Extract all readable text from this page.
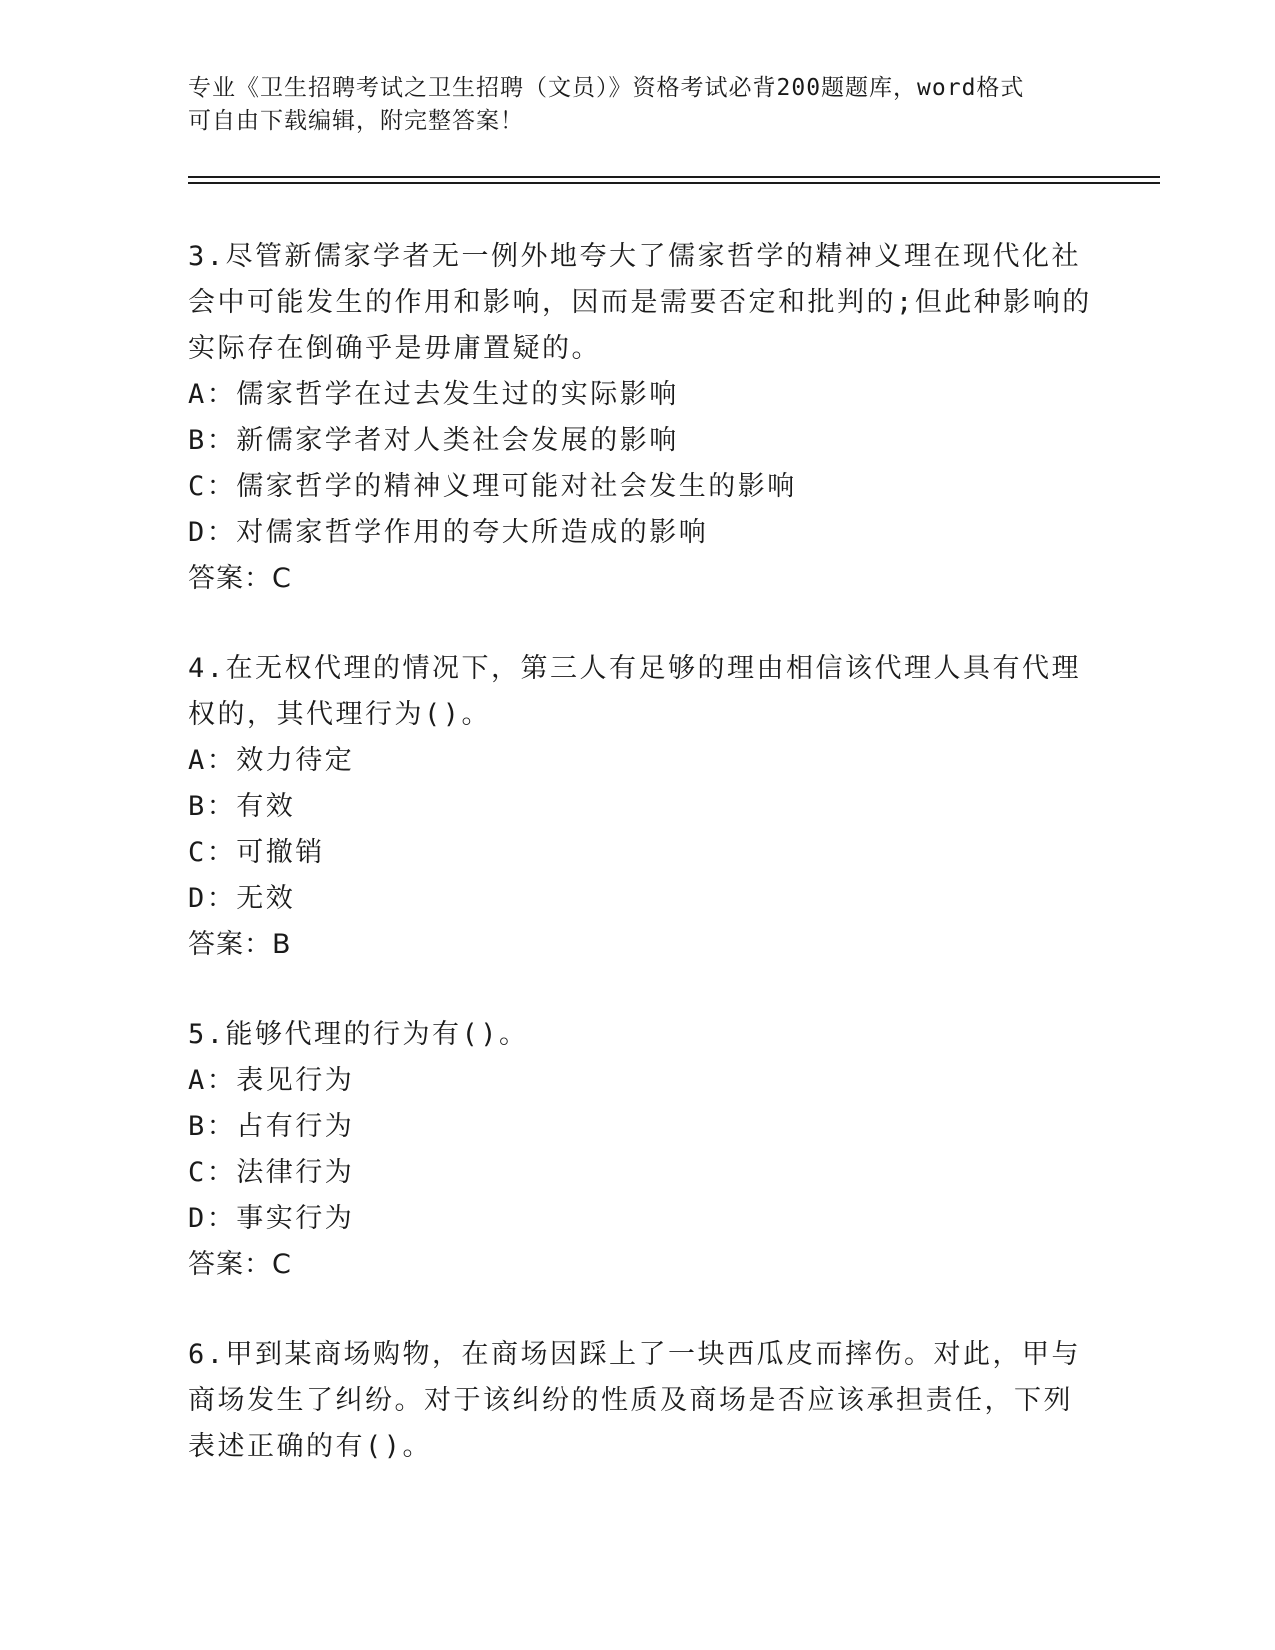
专业《卫生招聘考试之卫生招聘（文员）》资格考试必背200题题库，word格式
可自由下载编辑，附完整答案！
3.尽管新儒家学者无一例外地夸大了儒家哲学的精神义理在现代化社
会中可能发生的作用和影响，因而是需要否定和批判的;但此种影响的
实际存在倒确乎是毋庸置疑的。
A：儒家哲学在过去发生过的实际影响
B：新儒家学者对人类社会发展的影响
C：儒家哲学的精神义理可能对社会发生的影响
D：对儒家哲学作用的夸大所造成的影响
答案：C
4.在无权代理的情况下，第三人有足够的理由相信该代理人具有代理
权的，其代理行为()。
A：效力待定
B：有效
C：可撤销
D：无效
答案：B
5.能够代理的行为有()。
A：表见行为
B：占有行为
C：法律行为
D：事实行为
答案：C
6.甲到某商场购物，在商场因踩上了一块西瓜皮而摔伤。对此，甲与
商场发生了纠纷。对于该纠纷的性质及商场是否应该承担责任，下列
表述正确的有()。
